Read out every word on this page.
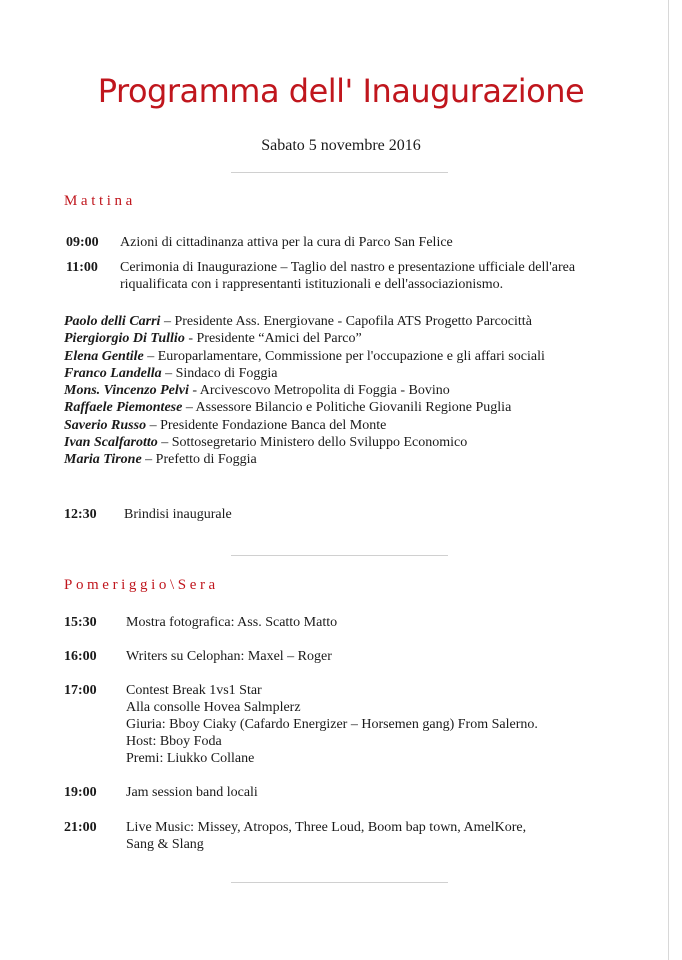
Programma dell' Inaugurazione
Sabato 5 novembre 2016
Mattina
09:00 Azioni di cittadinanza attiva per la cura di Parco San Felice
11:00 Cerimonia di Inaugurazione – Taglio del nastro e presentazione ufficiale dell'area
riqualificata con i rappresentanti istituzionali e dell'associazionismo.
Paolo delli Carri – Presidente Ass. Energiovane - Capofila ATS Progetto Parcocittà
Piergiorgio Di Tullio - Presidente “Amici del Parco”
Elena Gentile – Europarlamentare, Commissione per l'occupazione e gli affari sociali
Franco Landella – Sindaco di Foggia
Mons. Vincenzo Pelvi - Arcivescovo Metropolita di Foggia - Bovino
Raffaele Piemontese – Assessore Bilancio e Politiche Giovanili Regione Puglia
Saverio Russo – Presidente Fondazione Banca del Monte
Ivan Scalfarotto – Sottosegretario Ministero dello Sviluppo Economico
Maria Tirone – Prefetto di Foggia
12:30 Brindisi inaugurale
Pomeriggio\Sera
15:30 Mostra fotografica: Ass. Scatto Matto
16:00 Writers su Celophan: Maxel – Roger
17:00 Contest Break 1vs1 Star
Alla consolle Hovea Salmplerz
Giuria: Bboy Ciaky (Cafardo Energizer – Horsemen gang) From Salerno.
Host: Bboy Foda
Premi: Liukko Collane
19:00 Jam session band locali
21:00 Live Music: Missey, Atropos, Three Loud, Boom bap town, AmelKore,
Sang & Slang
